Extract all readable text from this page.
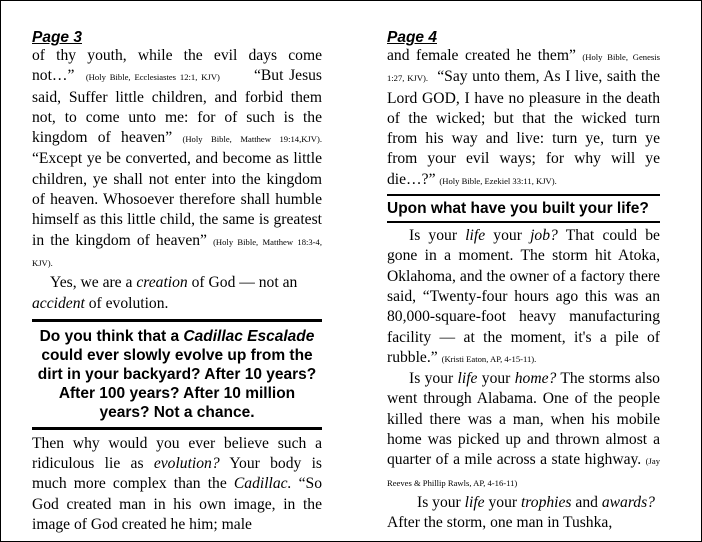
Page 3

of thy youth, while the evil days come not…” (Holy Bible, Ecclesiastes 12:1, KJV) “But Jesus said, Suffer little children, and forbid them not, to come unto me: for of such is the kingdom of heaven” (Holy Bible, Matthew 19:14,KJV). “Except ye be converted, and become as little children, ye shall not enter into the kingdom of heaven. Whosoever therefore shall humble himself as this little child, the same is greatest in the kingdom of heaven” (Holy Bible, Matthew 18:3-4, KJV).

Yes, we are a creation of God — not an accident of evolution.

Do you think that a Cadillac Escalade could ever slowly evolve up from the dirt in your backyard? After 10 years? After 100 years? After 10 million years? Not a chance.

Then why would you ever believe such a ridiculous lie as evolution? Your body is much more complex than the Cadillac. “So God created man in his own image, in the image of God created he him; male

Page 4

and female created he them” (Holy Bible, Genesis 1:27, KJV). “Say unto them, As I live, saith the Lord GOD, I have no pleasure in the death of the wicked; but that the wicked turn from his way and live: turn ye, turn ye from your evil ways; for why will ye die…?” (Holy Bible, Ezekiel 33:11, KJV).

Upon what have you built your life?

Is your life your job? That could be gone in a moment. The storm hit Atoka, Oklahoma, and the owner of a factory there said, “Twenty-four hours ago this was an 80,000-square-foot heavy manufacturing facility — at the moment, it's a pile of rubble.” (Kristi Eaton, AP, 4-15-11).

Is your life your home? The storms also went through Alabama. One of the people killed there was a man, when his mobile home was picked up and thrown almost a quarter of a mile across a state highway. (Jay Reeves & Phillip Rawls, AP, 4-16-11)

Is your life your trophies and awards?
After the storm, one man in Tushka,
